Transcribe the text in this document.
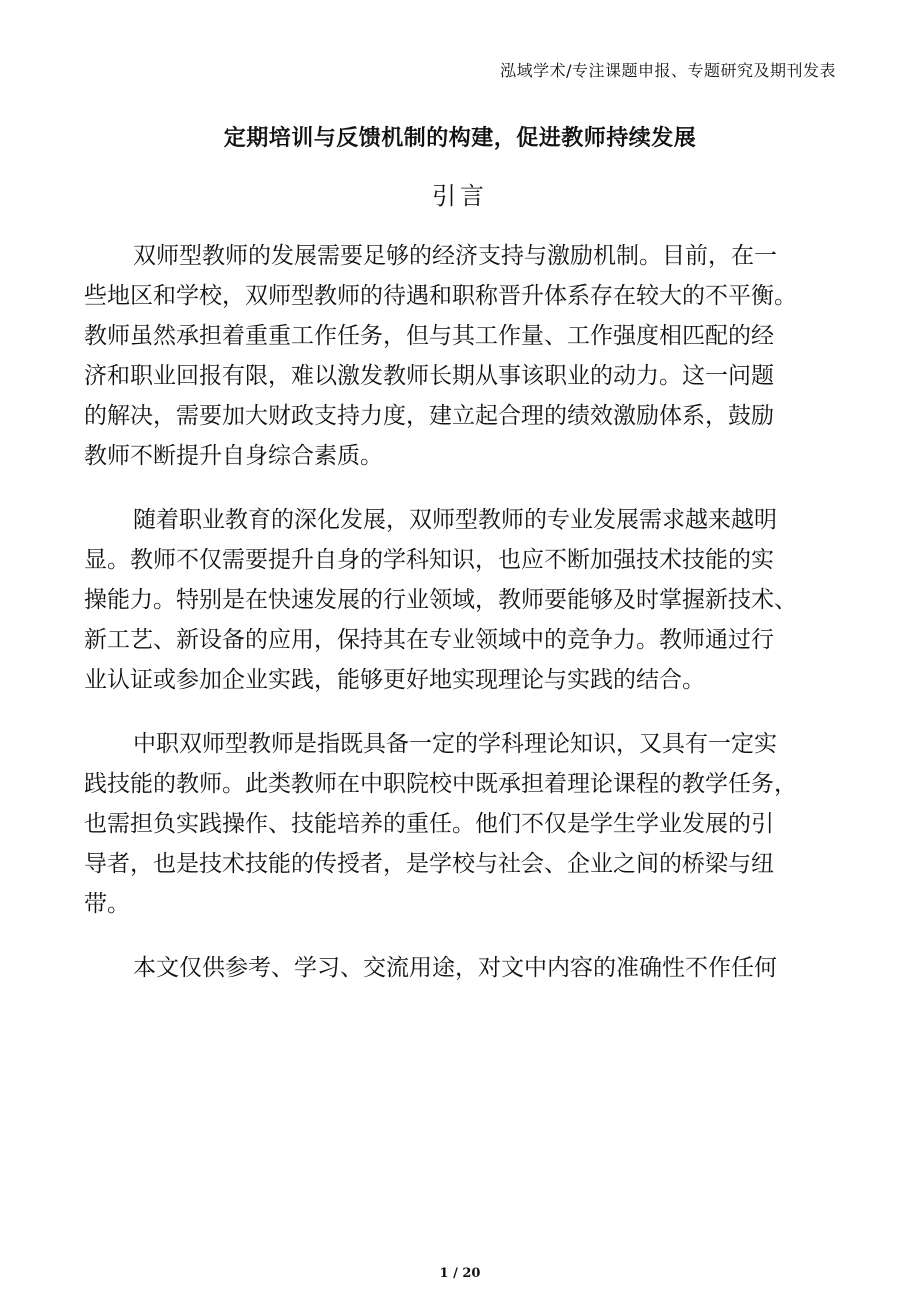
泓域学术/专注课题申报、专题研究及期刊发表
定期培训与反馈机制的构建，促进教师持续发展
引言
双师型教师的发展需要足够的经济支持与激励机制。目前，在一
些地区和学校，双师型教师的待遇和职称晋升体系存在较大的不平衡。
教师虽然承担着重重工作任务，但与其工作量、工作强度相匹配的经
济和职业回报有限，难以激发教师长期从事该职业的动力。这一问题
的解决，需要加大财政支持力度，建立起合理的绩效激励体系，鼓励
教师不断提升自身综合素质。
随着职业教育的深化发展，双师型教师的专业发展需求越来越明
显。教师不仅需要提升自身的学科知识，也应不断加强技术技能的实
操能力。特别是在快速发展的行业领域，教师要能够及时掌握新技术、
新工艺、新设备的应用，保持其在专业领域中的竞争力。教师通过行
业认证或参加企业实践，能够更好地实现理论与实践的结合。
中职双师型教师是指既具备一定的学科理论知识，又具有一定实
践技能的教师。此类教师在中职院校中既承担着理论课程的教学任务，
也需担负实践操作、技能培养的重任。他们不仅是学生学业发展的引
导者，也是技术技能的传授者，是学校与社会、企业之间的桥梁与纽
带。
本文仅供参考、学习、交流用途，对文中内容的准确性不作任何
1 / 20
